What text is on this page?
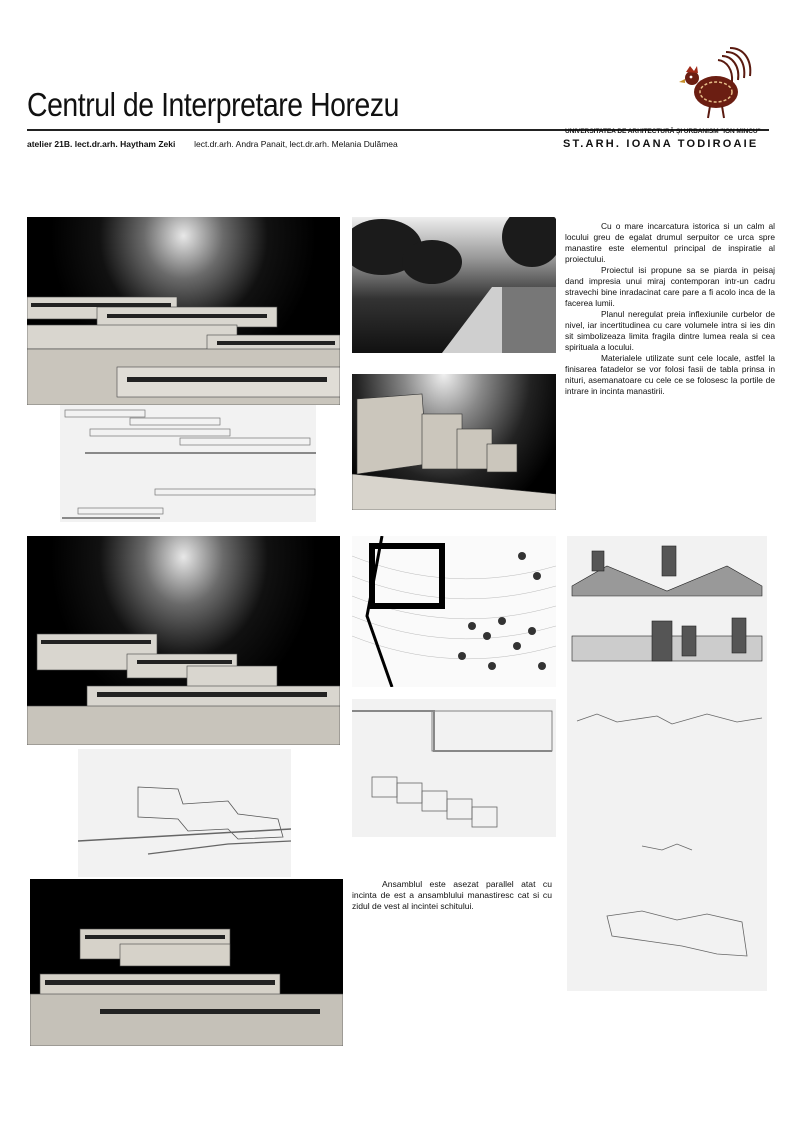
Centrul de Interpretare Horezu
atelier 21B. lect.dr.arh. Haytham Zeki lect.dr.arh. Andra Panait, lect.dr.arh. Melania Dulămea
UNIVERSITATEA DE ARHITECTURĂ ȘI URBANISM "ION MINCU"
ST.ARH. IOANA TODIROAIE

Cu o mare incarcatura istorica si un calm al locului greu de egalat drumul serpuitor ce urca spre manastire este elementul principal de inspiratie al proiectului.

Proiectul isi propune sa se piarda in peisaj dand impresia unui miraj contemporan intr-un cadru stravechi bine inradacinat care pare a fi acolo inca de la facerea lumii.

Planul neregulat preia inflexiunile curbelor de nivel, iar incertitudinea cu care volumele intra si ies din sit simbolizeaza limita fragila dintre lumea reala si cea spirituala a locului.

Materialele utilizate sunt cele locale, astfel la finisarea fatadelor se vor folosi fasii de tabla prinsa in nituri, asemanatoare cu cele ce se folosesc la portile de intrare in incinta manastirii.

Ansamblul este asezat parallel atat cu incinta de est a ansamblului manastiresc cat si cu zidul de vest al incintei schitului.
